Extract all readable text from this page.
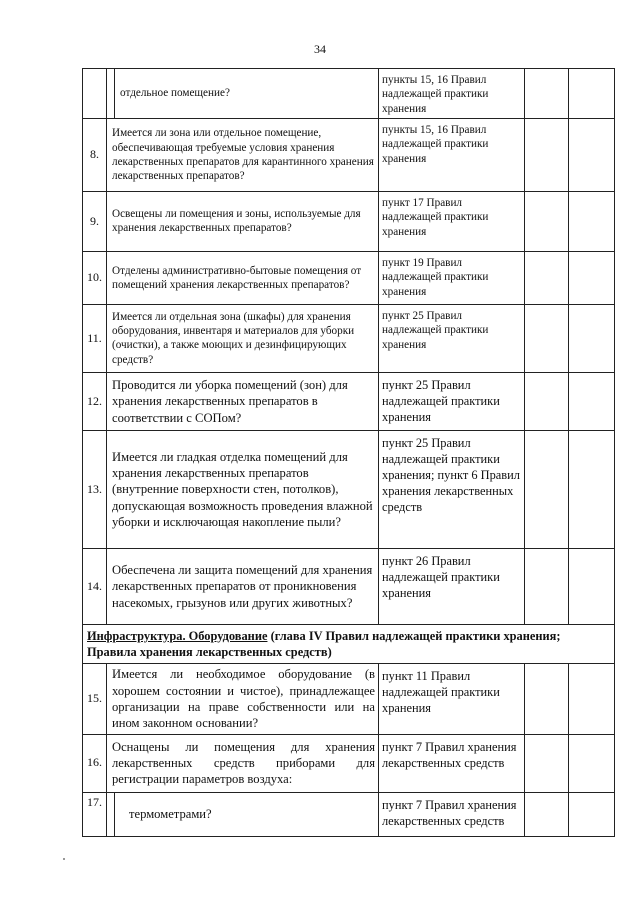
34
		отдельное помещение?	пункты 15, 16 Правил надлежащей практики хранения		
8.	Имеется ли зона или отдельное помещение, обеспечивающая требуемые условия хранения лекарственных препаратов для карантинного хранения лекарственных препаратов?		пункты 15, 16 Правил надлежащей практики хранения		
9.	Освещены ли помещения и зоны, используемые для хранения лекарственных препаратов?		пункт 17 Правил надлежащей практики хранения		
10.	Отделены административно-бытовые помещения от помещений хранения лекарственных препаратов?		пункт 19 Правил надлежащей практики хранения		
11.	Имеется ли отдельная зона (шкафы) для хранения оборудования, инвентаря и материалов для уборки (очистки), а также моющих и дезинфицирующих средств?		пункт 25 Правил надлежащей практики хранения		
12.	Проводится ли уборка помещений (зон) для хранения лекарственных препаратов в соответствии с СОПом?		пункт 25 Правил надлежащей практики хранения		
13.	Имеется ли гладкая отделка помещений для хранения лекарственных препаратов (внутренние поверхности стен, потолков), допускающая возможность проведения влажной уборки и исключающая накопление пыли?		пункт 25 Правил надлежащей практики хранения; пункт 6 Правил хранения лекарственных средств		
14.	Обеспечена ли защита помещений для хранения лекарственных препаратов от проникновения насекомых, грызунов или других животных?		пункт 26 Правил надлежащей практики хранения		
Инфраструктура. Оборудование (глава IV Правил надлежащей практики хранения;
Правила хранения лекарственных средств)					
15.	Имеется ли необходимое оборудование (в хорошем состоянии и чистое), принадлежащее организации на праве собственности или на ином законном основании?		пункт 11 Правил надлежащей практики хранения		
16.	Оснащены ли помещения для хранения лекарственных средств приборами для регистрации параметров воздуха:		пункт 7 Правил хранения лекарственных средств		
17.		термометрами?	пункт 7 Правил хранения лекарственных средств		
